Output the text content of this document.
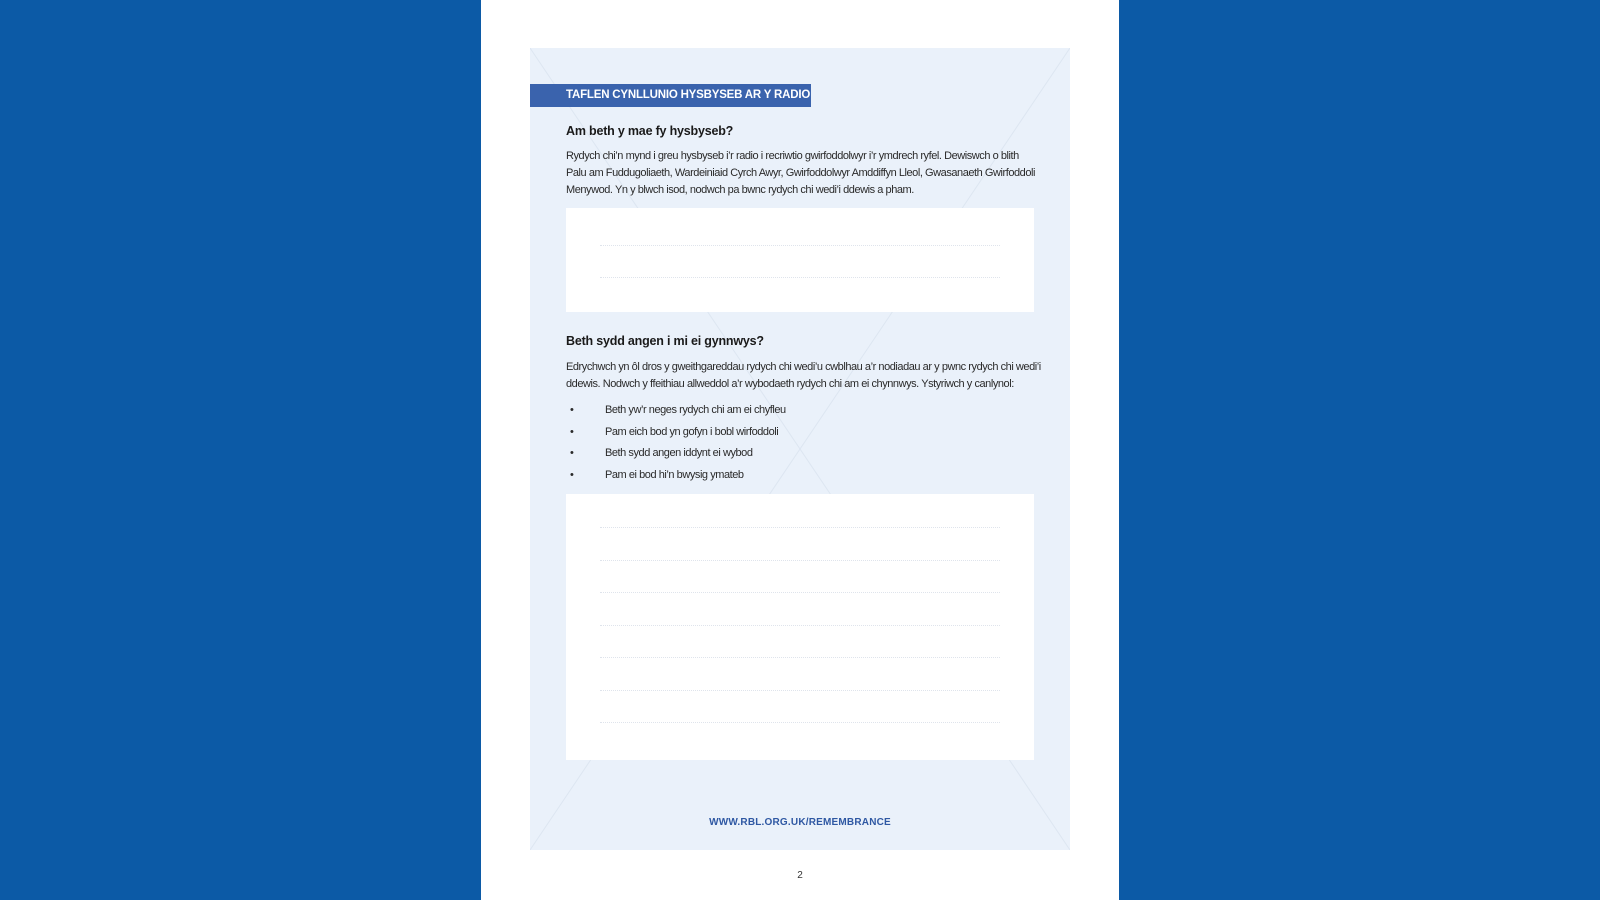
TAFLEN CYNLLUNIO HYSBYSEB AR Y RADIO
Am beth y mae fy hysbyseb?
Rydych chi’n mynd i greu hysbyseb i’r radio i recriwtio gwirfoddolwyr i’r ymdrech ryfel. Dewiswch o blith Palu am Fuddugoliaeth, Wardeiniaid Cyrch Awyr, Gwirfoddolwyr Amddiffyn Lleol, Gwasanaeth Gwirfoddoli Menywod. Yn y blwch isod, nodwch pa bwnc rydych chi wedi’i ddewis a pham.
Beth sydd angen i mi ei gynnwys?
Edrychwch yn ôl dros y gweithgareddau rydych chi wedi’u cwblhau a’r nodiadau ar y pwnc rydych chi wedi’i ddewis. Nodwch y ffeithiau allweddol a’r wybodaeth rydych chi am ei chynnwys. Ystyriwch y canlynol:
•	Beth yw’r neges rydych chi am ei chyfleu
•	Pam eich bod yn gofyn i bobl wirfoddoli
•	Beth sydd angen iddynt ei wybod
•	Pam ei bod hi’n bwysig ymateb
WWW.RBL.ORG.UK/REMEMBRANCE
2
